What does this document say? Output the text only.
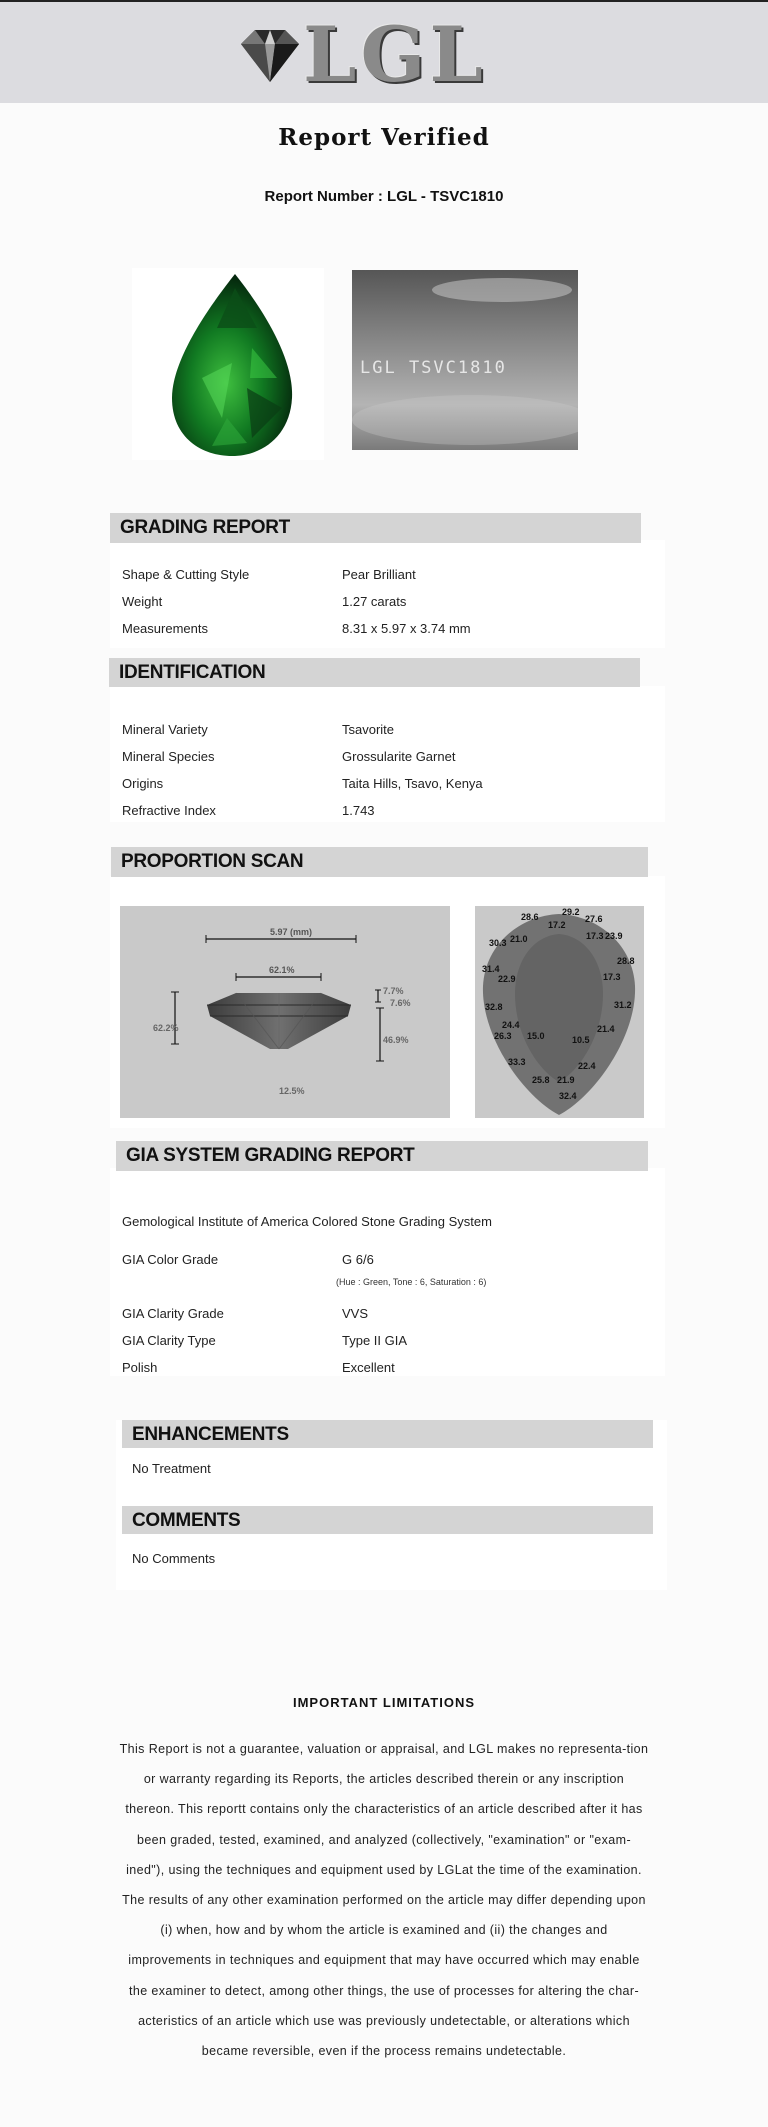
LGL
Report Verified
Report Number : LGL - TSVC1810
LGL TSVC1810
GRADING REPORT
Shape & Cutting Style	Pear Brilliant
Weight	1.27 carats
Measurements	8.31 x 5.97 x 3.74 mm
IDENTIFICATION
Mineral Variety	Tsavorite
Mineral Species	Grossularite Garnet
Origins	Taita Hills, Tsavo, Kenya
Refractive Index	1.743
PROPORTION SCAN
5.97 (mm)
62.1%
62.2%
7.7%
7.6%
46.9%
12.5%
28.6	29.2
27.6
17.2
30.3 21.0	17.3 23.9
31.4
28.8
22.9	17.3
32.8	31.2
24.4
26.3 15.0	10.5
21.4
33.3	22.4
25.8 21.9
32.4
GIA SYSTEM GRADING REPORT
Gemological Institute of America Colored Stone Grading System
GIA Color Grade	G 6/6
(Hue : Green, Tone : 6, Saturation : 6)
GIA Clarity Grade	VVS
GIA Clarity Type	Type II GIA
Polish	Excellent
ENHANCEMENTS
No Treatment
COMMENTS
No Comments
IMPORTANT LIMITATIONS
This Report is not a guarantee, valuation or appraisal, and LGL makes no representa-tion or warranty regarding its Reports, the articles described therein or any inscription thereon. This reportt contains only the characteristics of an article described after it has been graded, tested, examined, and analyzed (collectively, "examination" or "exam-ined"), using the techniques and equipment used by LGLat the time of the examination. The results of any other examination performed on the article may differ depending upon (i) when, how and by whom the article is examined and (ii) the changes and improvements in techniques and equipment that may have occurred which may enable the examiner to detect, among other things, the use of processes for altering the char-acteristics of an article which use was previously undetectable, or alterations which became reversible, even if the process remains undetectable.
